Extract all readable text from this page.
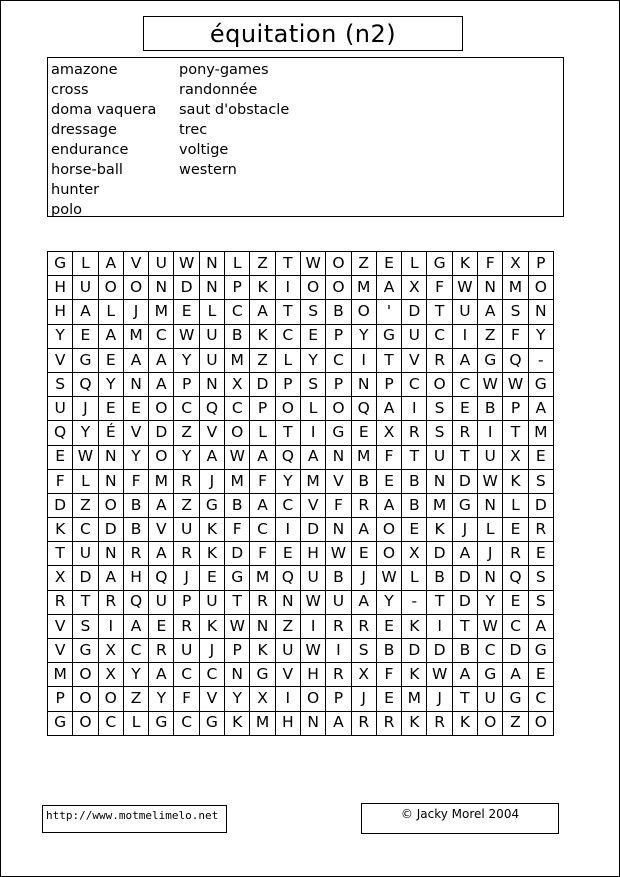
équitation (n2)
amazone
cross
doma vaquera
dressage
endurance
horse-ball
hunter
polo
pony-games
randonnée
saut d'obstacle
trec
voltige
western
G	L	A	V	U	W	N	L	Z	T	W	O	Z	E	L	G	K	F	X	P
H	U	O	O	N	D	N	P	K	I	O	O	M	A	X	F	W	N	M	O
H	A	L	J	M	E	L	C	A	T	S	B	O	'	D	T	U	A	S	N
Y	E	A	M	C	W	U	B	K	C	E	P	Y	G	U	C	I	Z	F	Y
V	G	E	A	A	Y	U	M	Z	L	Y	C	I	T	V	R	A	G	Q	-
S	Q	Y	N	A	P	N	X	D	P	S	P	N	P	C	O	C	W	W	G
U	J	E	E	O	C	Q	C	P	O	L	O	Q	A	I	S	E	B	P	A
Q	Y	É	V	D	Z	V	O	L	T	I	G	E	X	R	S	R	I	T	M
E	W	N	Y	O	Y	A	W	A	Q	A	N	M	F	T	U	T	U	X	E
F	L	N	F	M	R	J	M	F	Y	M	V	B	E	B	N	D	W	K	S
D	Z	O	B	A	Z	G	B	A	C	V	F	R	A	B	M	G	N	L	D
K	C	D	B	V	U	K	F	C	I	D	N	A	O	E	K	J	L	E	R
T	U	N	R	A	R	K	D	F	E	H	W	E	O	X	D	A	J	R	E
X	D	A	H	Q	J	E	G	M	Q	U	B	J	W	L	B	D	N	Q	S
R	T	R	Q	U	P	U	T	R	N	W	U	A	Y	-	T	D	Y	E	S
V	S	I	A	E	R	K	W	N	Z	I	R	R	E	K	I	T	W	C	A
V	G	X	C	R	U	J	P	K	U	W	I	S	B	D	D	B	C	D	G
M	O	X	Y	A	C	C	N	G	V	H	R	X	F	K	W	A	G	A	E
P	O	O	Z	Y	F	V	Y	X	I	O	P	J	E	M	J	T	U	G	C
G	O	C	L	G	C	G	K	M	H	N	A	R	R	K	R	K	O	Z	O
http://www.motmelimelo.net	© Jacky Morel 2004
